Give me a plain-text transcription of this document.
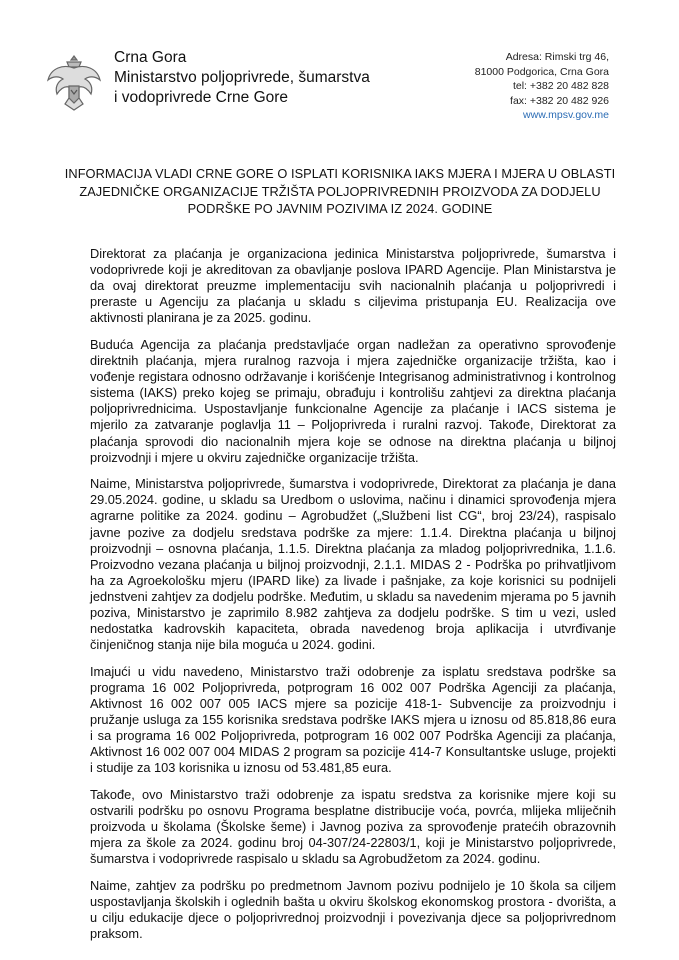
Crna Gora
Ministarstvo poljoprivrede, šumarstva
i vodoprivrede Crne Gore
Adresa: Rimski trg 46,
81000 Podgorica, Crna Gora
tel: +382 20 482 828
fax: +382 20 482 926
www.mpsv.gov.me
INFORMACIJA VLADI CRNE GORE O ISPLATI KORISNIKA IAKS MJERA I MJERA U OBLASTI ZAJEDNIČKE ORGANIZACIJE TRŽIŠTA POLJOPRIVREDNIH PROIZVODA ZA DODJELU PODRŠKE PO JAVNIM POZIVIMA IZ 2024. GODINE

Direktorat za plaćanja je organizaciona jedinica Ministarstva poljoprivrede, šumarstva i vodoprivrede koji je akreditovan za obavljanje poslova IPARD Agencije. Plan Ministarstva je da ovaj direktorat preuzme implementaciju svih nacionalnih plaćanja u poljoprivredi i preraste u Agenciju za plaćanja u skladu s ciljevima pristupanja EU. Realizacija ove aktivnosti planirana je za 2025. godinu.

Buduća Agencija za plaćanja predstavljaće organ nadležan za operativno sprovođenje direktnih plaćanja, mjera ruralnog razvoja i mjera zajedničke organizacije tržišta, kao i vođenje registara odnosno održavanje i korišćenje Integrisanog administrativnog i kontrolnog sistema (IAKS) preko kojeg se primaju, obrađuju i kontrolišu zahtjevi za direktna plaćanja poljoprivrednicima. Uspostavljanje funkcionalne Agencije za plaćanje i IACS sistema je mjerilo za zatvaranje poglavlja 11 – Poljoprivreda i ruralni razvoj. Takođe, Direktorat za plaćanja sprovodi dio nacionalnih mjera koje se odnose na direktna plaćanja u biljnoj proizvodnji i mjere u okviru zajedničke organizacije tržišta.

Naime, Ministarstva poljoprivrede, šumarstva i vodoprivrede, Direktorat za plaćanja je dana 29.05.2024. godine, u skladu sa Uredbom o uslovima, načinu i dinamici sprovođenja mjera agrarne politike za 2024. godinu – Agrobudžet („Službeni list CG“, broj 23/24), raspisalo javne pozive za dodjelu sredstava podrške za mjere: 1.1.4. Direktna plaćanja u biljnoj proizvodnji – osnovna plaćanja, 1.1.5. Direktna plaćanja za mladog poljoprivrednika, 1.1.6. Proizvodno vezana plaćanja u biljnoj proizvodnji, 2.1.1. MIDAS 2 - Podrška po prihvatljivom ha za Agroekološku mjeru (IPARD like) za livade i pašnjake, za koje korisnici su podnijeli jednstveni zahtjev za dodjelu podrške. Međutim, u skladu sa navedenim mjerama po 5 javnih poziva, Ministarstvo je zaprimilo 8.982 zahtjeva za dodjelu podrške. S tim u vezi, usled nedostatka kadrovskih kapaciteta, obrada navedenog broja aplikacija i utvrđivanje činjeničnog stanja nije bila moguća u 2024. godini.

Imajući u vidu navedeno, Ministarstvo traži odobrenje za isplatu sredstava podrške sa programa 16 002 Poljoprivreda, potprogram 16 002 007 Podrška Agenciji za plaćanja, Aktivnost 16 002 007 005 IACS mjere sa pozicije 418-1- Subvencije za proizvodnju i pružanje usluga za 155 korisnika sredstava podrške IAKS mjera u iznosu od 85.818,86 eura i sa programa 16 002 Poljoprivreda, potprogram 16 002 007 Podrška Agenciji za plaćanja, Aktivnost 16 002 007 004 MIDAS 2 program sa pozicije 414-7 Konsultantske usluge, projekti i studije za 103 korisnika u iznosu od 53.481,85 eura.

Takođe, ovo Ministarstvo traži odobrenje za ispatu sredstva za korisnike mjere koji su ostvarili podršku po osnovu Programa besplatne distribucije voća, povrća, mlijeka mliječnih proizvoda u školama (Školske šeme) i Javnog poziva za sprovođenje pratećih obrazovnih mjera za škole za 2024. godinu broj 04-307/24-22803/1, koji je Ministarstvo poljoprivrede, šumarstva i vodoprivrede raspisalo u skladu sa Agrobudžetom za 2024. godinu.

Naime, zahtjev za podršku po predmetnom Javnom pozivu podnijelo je 10 škola sa ciljem uspostavljanja školskih i oglednih bašta u okviru školskog ekonomskog prostora - dvorišta, a u cilju edukacije djece o poljoprivrednoj proizvodnji i povezivanja djece sa poljoprivrednom praksom.
